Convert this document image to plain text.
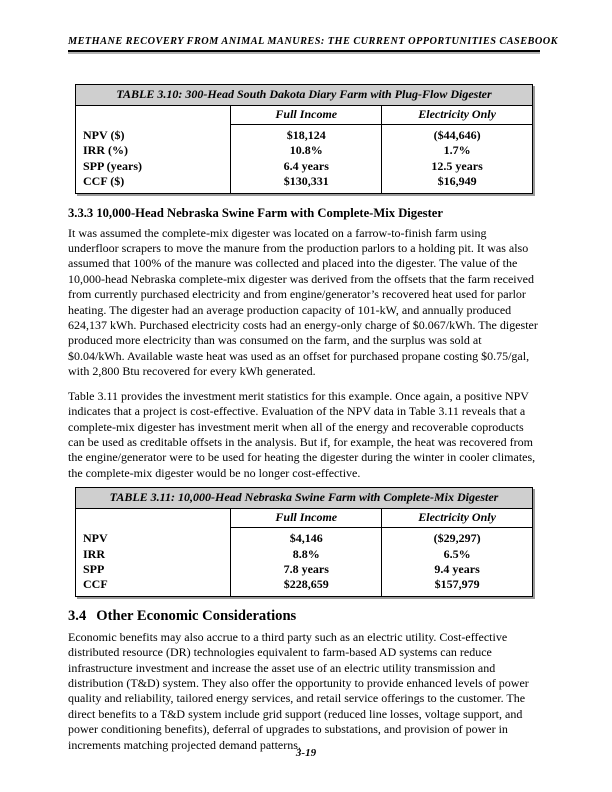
METHANE RECOVERY FROM ANIMAL MANURES: THE CURRENT OPPORTUNITIES CASEBOOK
TABLE 3.10: 300-Head South Dakota Diary Farm with Plug-Flow Digester		
	Full Income	Electricity Only
NPV ($)	$18,124	($44,646)
IRR (%)	10.8%	1.7%
SPP (years)	6.4 years	12.5 years
CCF ($)	$130,331	$16,949
3.3.3 10,000-Head Nebraska Swine Farm with Complete-Mix Digester

It was assumed the complete-mix digester was located on a farrow-to-finish farm using underfloor scrapers to move the manure from the production parlors to a holding pit. It was also assumed that 100% of the manure was collected and placed into the digester. The value of the 10,000-head Nebraska complete-mix digester was derived from the offsets that the farm received from currently purchased electricity and from engine/generator’s recovered heat used for parlor heating. The digester had an average production capacity of 101-kW, and annually produced 624,137 kWh. Purchased electricity costs had an energy-only charge of $0.067/kWh. The digester produced more electricity than was consumed on the farm, and the surplus was sold at $0.04/kWh. Available waste heat was used as an offset for purchased propane costing $0.75/gal, with 2,800 Btu recovered for every kWh generated.

Table 3.11 provides the investment merit statistics for this example. Once again, a positive NPV indicates that a project is cost-effective. Evaluation of the NPV data in Table 3.11 reveals that a complete-mix digester has investment merit when all of the energy and recoverable coproducts can be used as creditable offsets in the analysis. But if, for example, the heat was recovered from the engine/generator were to be used for heating the digester during the winter in cooler climates, the complete-mix digester would be no longer cost-effective.

TABLE 3.11: 10,000-Head Nebraska Swine Farm with Complete-Mix Digester		
	Full Income	Electricity Only
NPV	$4,146	($29,297)
IRR	8.8%	6.5%
SPP	7.8 years	9.4 years
CCF	$228,659	$157,979
3.4 Other Economic Considerations

Economic benefits may also accrue to a third party such as an electric utility. Cost-effective distributed resource (DR) technologies equivalent to farm-based AD systems can reduce infrastructure investment and increase the asset use of an electric utility transmission and distribution (T&D) system. They also offer the opportunity to provide enhanced levels of power quality and reliability, tailored energy services, and retail service offerings to the customer. The direct benefits to a T&D system include grid support (reduced line losses, voltage support, and power conditioning benefits), deferral of upgrades to substations, and provision of power in increments matching projected demand patterns.

3-19
